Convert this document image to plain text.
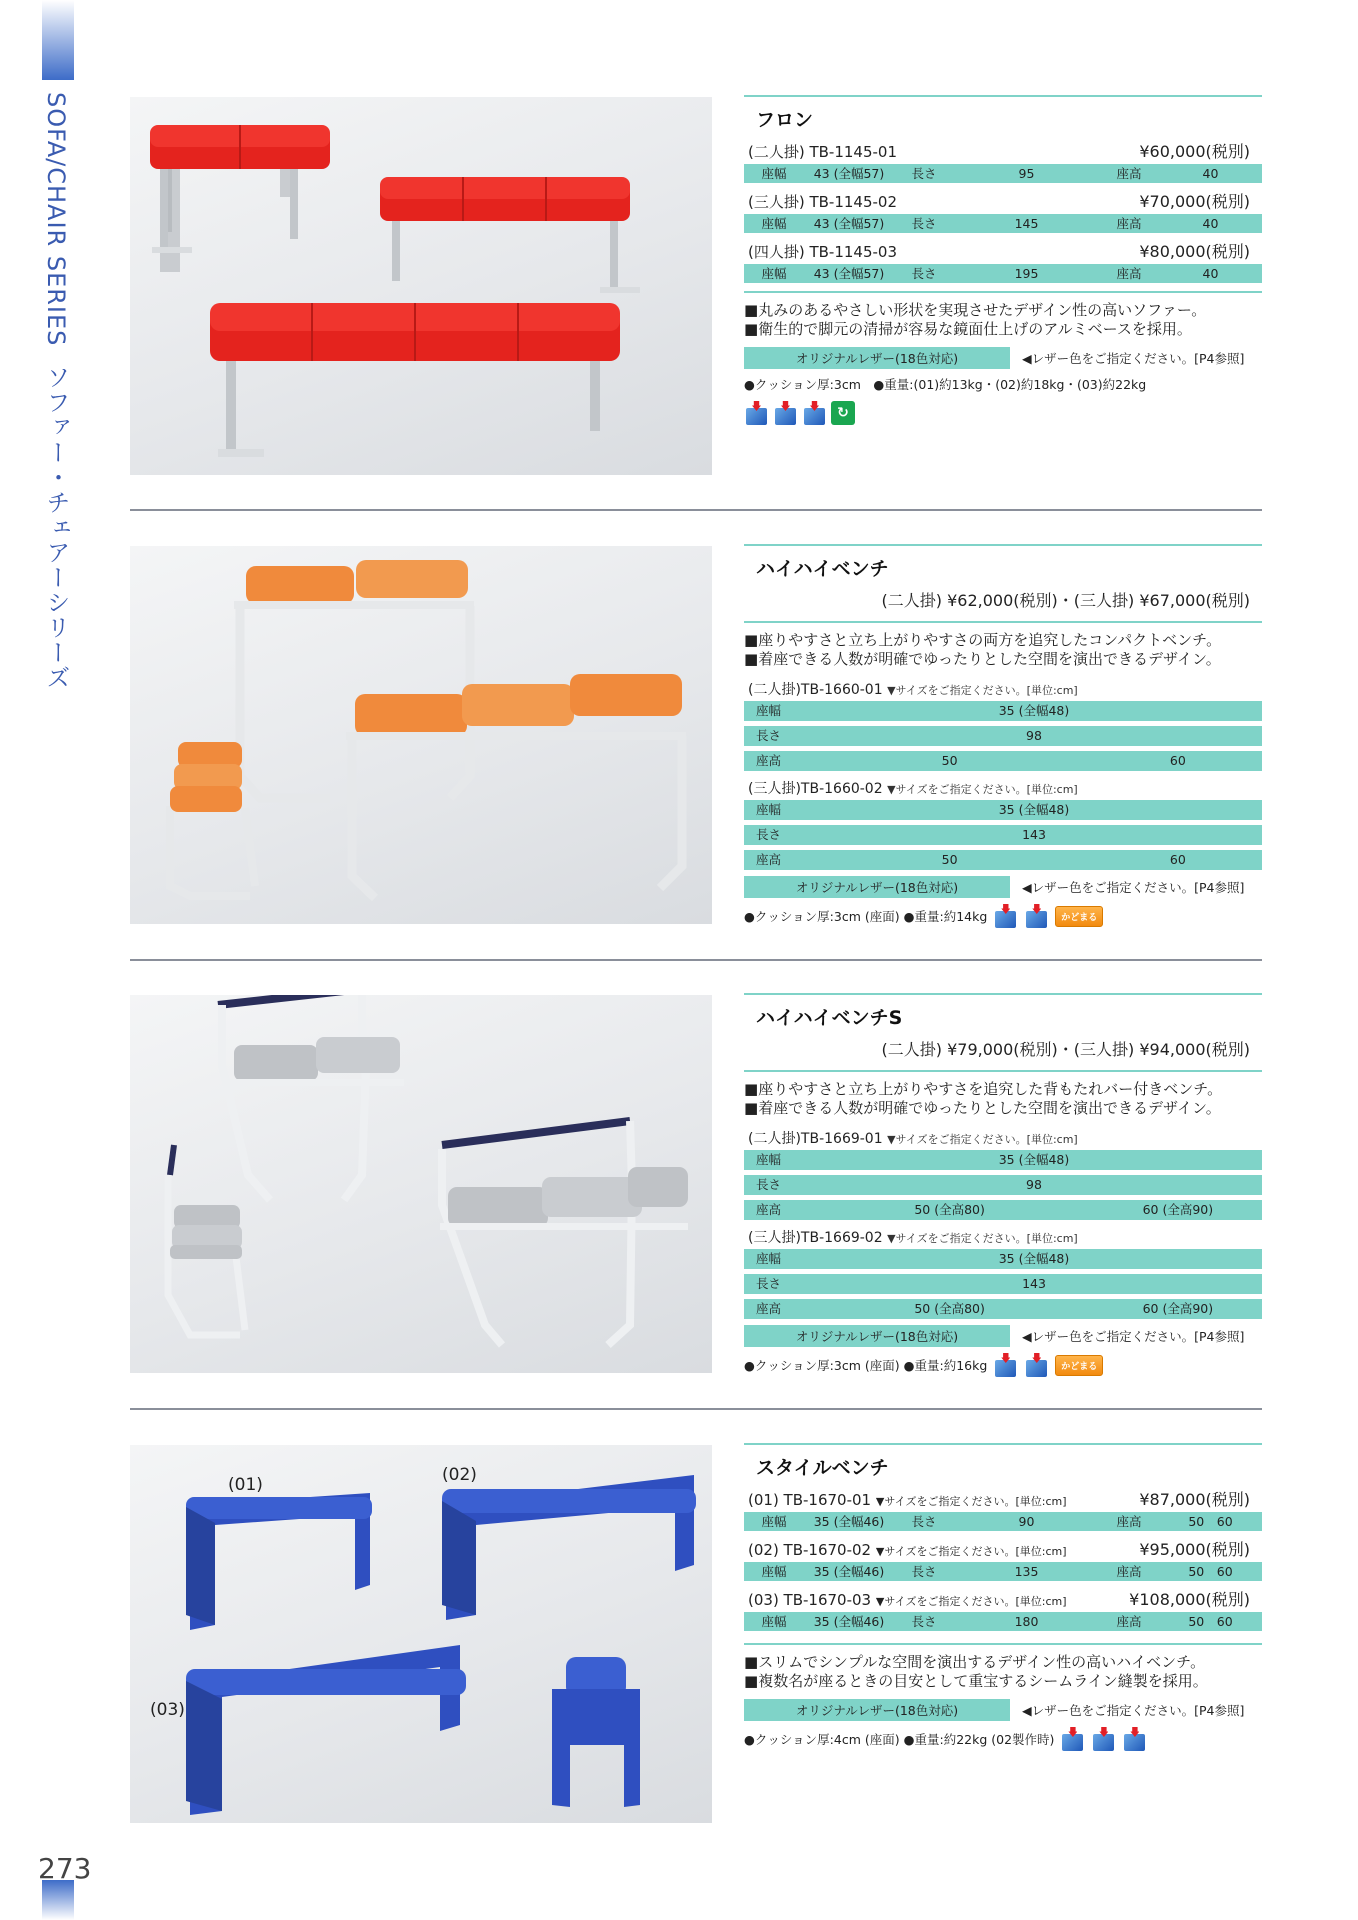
SOFA/CHAIR SERIES ソファー・チェアーシリーズ
273
フロン
(二人掛) TB-1145-01	¥60,000(税別)
座幅	43 (全幅57)	長さ	95	座高	40
(三人掛) TB-1145-02	¥70,000(税別)
座幅	43 (全幅57)	長さ	145	座高	40
(四人掛) TB-1145-03	¥80,000(税別)
座幅	43 (全幅57)	長さ	195	座高	40
■ 丸みのあるやさしい形状を実現させたデザイン性の高いソファー。
■ 衛生的で脚元の清掃が容易な鏡面仕上げのアルミベースを採用。
オリジナルレザー(18色対応)	◀レザー色をご指定ください。[P4参照]
●クッション厚:3cm　●重量:(01)約13kg・(02)約18kg・(03)約22kg
↻
ハイハイベンチ
(二人掛) ¥62,000(税別)・(三人掛) ¥67,000(税別)
■ 座りやすさと立ち上がりやすさの両方を追究したコンパクトベンチ。
■ 着座できる人数が明確でゆったりとした空間を演出できるデザイン。
(二人掛)TB-1660-01 ▼サイズをご指定ください。[単位:cm]
座幅	35 (全幅48)
長さ	98
座高	50	60
(三人掛)TB-1660-02 ▼サイズをご指定ください。[単位:cm]
座幅	35 (全幅48)
長さ	143
座高	50	60
オリジナルレザー(18色対応)	◀レザー色をご指定ください。[P4参照]
●クッション厚:3cm (座面) ●重量:約14kg	かどまる
ハイハイベンチS
(二人掛) ¥79,000(税別)・(三人掛) ¥94,000(税別)
■ 座りやすさと立ち上がりやすさを追究した背もたれバー付きベンチ。
■ 着座できる人数が明確でゆったりとした空間を演出できるデザイン。
(二人掛)TB-1669-01 ▼サイズをご指定ください。[単位:cm]
座幅	35 (全幅48)
長さ	98
座高	50 (全高80)	60 (全高90)
(三人掛)TB-1669-02 ▼サイズをご指定ください。[単位:cm]
座幅	35 (全幅48)
長さ	143
座高	50 (全高80)	60 (全高90)
オリジナルレザー(18色対応)	◀レザー色をご指定ください。[P4参照]
●クッション厚:3cm (座面) ●重量:約16kg	かどまる
(01)	(02)
(03)
スタイルベンチ
(01) TB-1670-01 ▼サイズをご指定ください。[単位:cm]	¥87,000(税別)
座幅	35 (全幅46)	長さ	90	座高	50　60
(02) TB-1670-02 ▼サイズをご指定ください。[単位:cm]	¥95,000(税別)
座幅	35 (全幅46)	長さ	135	座高	50　60
(03) TB-1670-03 ▼サイズをご指定ください。[単位:cm]	¥108,000(税別)
座幅	35 (全幅46)	長さ	180	座高	50　60
■ スリムでシンプルな空間を演出するデザイン性の高いハイベンチ。
■ 複数名が座るときの目安として重宝するシームライン縫製を採用。
オリジナルレザー(18色対応)	◀レザー色をご指定ください。[P4参照]
●クッション厚:4cm (座面) ●重量:約22kg (02製作時)
